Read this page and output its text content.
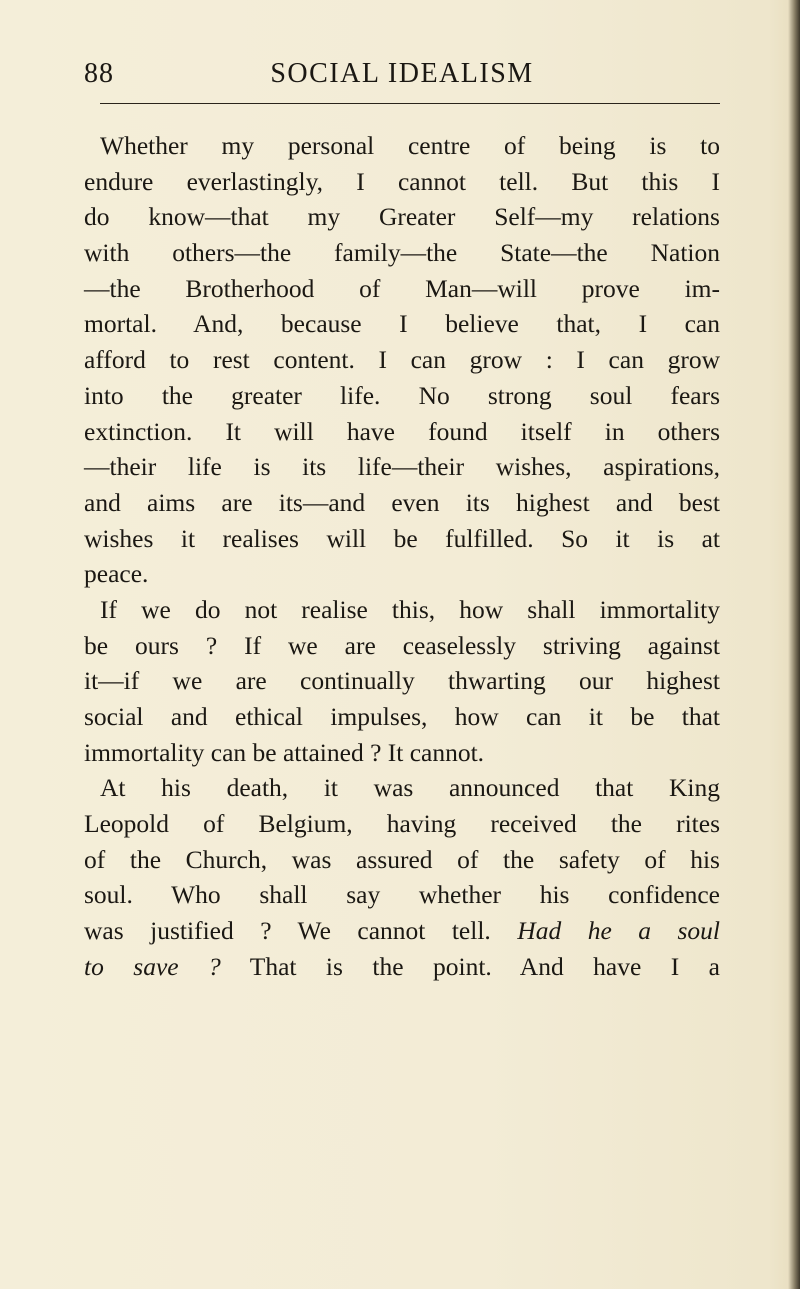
88	SOCIAL IDEALISM
Whether my personal centre of being is to
endure everlastingly, I cannot tell. But this I
do know—that my Greater Self—my relations
with others—the family—the State—the Nation
—the Brotherhood of Man—will prove im-
mortal. And, because I believe that, I can
afford to rest content. I can grow : I can grow
into the greater life. No strong soul fears
extinction. It will have found itself in others
—their life is its life—their wishes, aspirations,
and aims are its—and even its highest and best
wishes it realises will be fulfilled. So it is at
peace.
If we do not realise this, how shall immortality
be ours ? If we are ceaselessly striving against
it—if we are continually thwarting our highest
social and ethical impulses, how can it be that
immortality can be attained ? It cannot.
At his death, it was announced that King
Leopold of Belgium, having received the rites
of the Church, was assured of the safety of his
soul. Who shall say whether his confidence
was justified ? We cannot tell. Had he a soul
to save ? That is the point. And have I a
